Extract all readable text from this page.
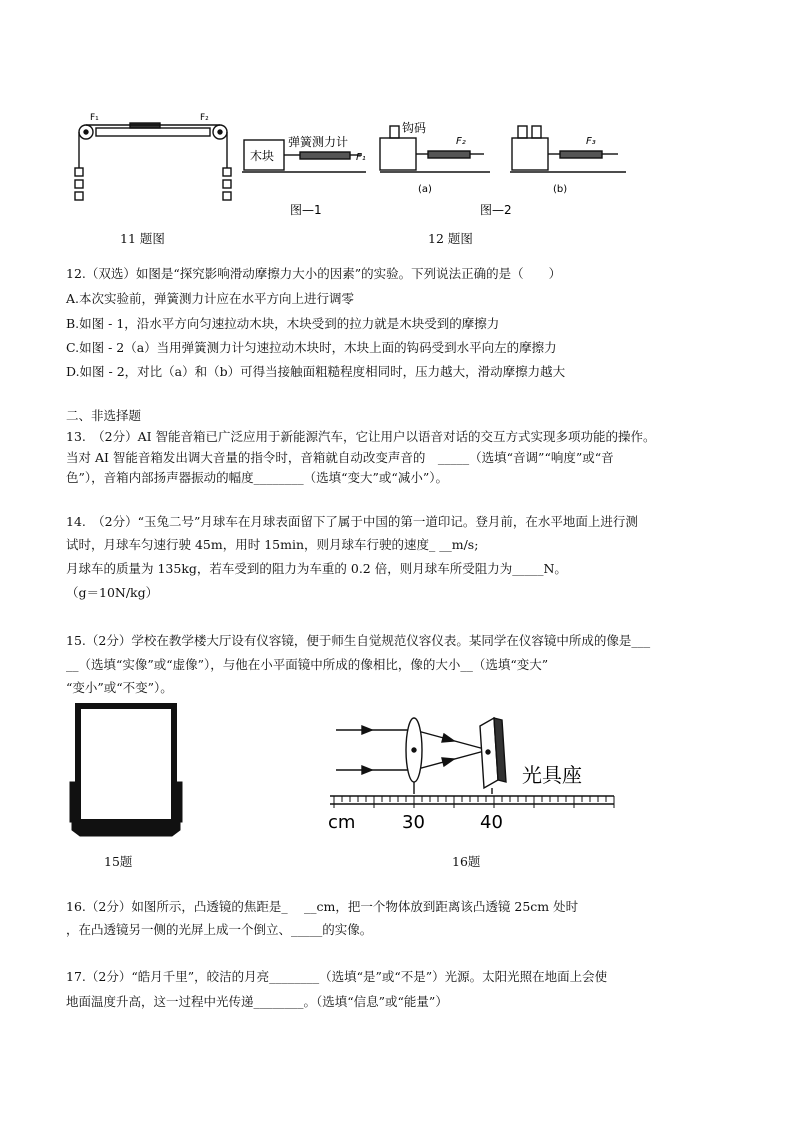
F₁	F₂
木块
弹簧测力计
F₁
钩码
F₂	F₃
(a)	(b)
图—1	图—2
11 题图	12 题图
12.（双选）如图是“探究影响滑动摩擦力大小的因素”的实验。下列说法正确的是（　　）
A.本次实验前，弹簧测力计应在水平方向上进行调零
B.如图 - 1，沿水平方向匀速拉动木块，木块受到的拉力就是木块受到的摩擦力
C.如图 - 2（a）当用弹簧测力计匀速拉动木块时，木块上面的钩码受到水平向左的摩擦力
D.如图 - 2，对比（a）和（b）可得当接触面粗糙程度相同时，压力越大，滑动摩擦力越大
二、非选择题
13.　（2分）AI 智能音箱已广泛应用于新能源汽车，它让用户以语音对话的交互方式实现多项功能的操作。
当对 AI 智能音箱发出调大音量的指令时，音箱就自动改变声音的　_____（选填“音调”“响度”或“音
色”），音箱内部扬声器振动的幅度________（选填“变大”或“减小”）。
14.　（2分）“玉兔二号”月球车在月球表面留下了属于中国的第一道印记。登月前，在水平地面上进行测
试时，月球车匀速行驶 45m，用时 15min，则月球车行驶的速度_ __m/s;
月球车的质量为 135kg，若车受到的阻力为车重的 0.2 倍，则月球车所受阻力为_____N。
（g＝10N/kg）
15.（2分）学校在教学楼大厅设有仪容镜，便于师生自觉规范仪容仪表。某同学在仪容镜中所成的像是___
__（选填“实像”或“虚像”），与他在小平面镜中所成的像相比，像的大小__（选填“变大”
“变小”或“不变”）。
15题
光具座
cm	30	40
16题
16.（2分）如图所示，凸透镜的焦距是_　 __cm，把一个物体放到距离该凸透镜 25cm 处时
，在凸透镜另一侧的光屏上成一个倒立、_____的实像。
17.（2分）“皓月千里”，皎洁的月亮________（选填“是”或“不是”）光源。太阳光照在地面上会使
地面温度升高，这一过程中光传递________。（选填“信息”或“能量”）
